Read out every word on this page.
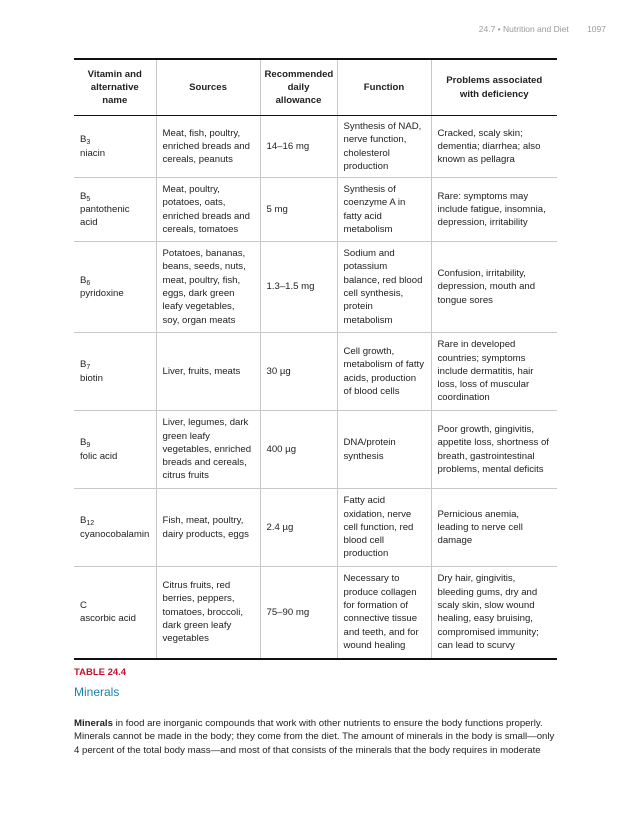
24.7 • Nutrition and Diet 1097
Vitamin and alternative name	Sources	Recommended daily allowance	Function	Problems associated with deficiency

$B_3$
niacin	Meat, fish, poultry, enriched breads and cereals, peanuts	14–16 mg	Synthesis of NAD, nerve function, cholesterol production	Cracked, scaly skin; dementia; diarrhea; also known as pellagra

$B_5$
pantothenic acid	Meat, poultry, potatoes, oats, enriched breads and cereals, tomatoes	5 mg	Synthesis of coenzyme A in fatty acid metabolism	Rare: symptoms may include fatigue, insomnia, depression, irritability

$B_6$
pyridoxine	Potatoes, bananas, beans, seeds, nuts, meat, poultry, fish, eggs, dark green leafy vegetables, soy, organ meats	1.3–1.5 mg	Sodium and potassium balance, red blood cell synthesis, protein metabolism	Confusion, irritability, depression, mouth and tongue sores

$B_7$
biotin	Liver, fruits, meats	30 µg	Cell growth, metabolism of fatty acids, production of blood cells	Rare in developed countries; symptoms include dermatitis, hair loss, loss of muscular coordination

$B_9$
folic acid	Liver, legumes, dark green leafy vegetables, enriched breads and cereals, citrus fruits	400 µg	DNA/protein synthesis	Poor growth, gingivitis, appetite loss, shortness of breath, gastrointestinal problems, mental deficits

$B_{12}$
cyanocobalamin	Fish, meat, poultry, dairy products, eggs	2.4 µg	Fatty acid oxidation, nerve cell function, red blood cell production	Pernicious anemia, leading to nerve cell damage

C
ascorbic acid	Citrus fruits, red berries, peppers, tomatoes, broccoli, dark green leafy vegetables	75–90 mg	Necessary to produce collagen for formation of connective tissue and teeth, and for wound healing	Dry hair, gingivitis, bleeding gums, dry and scaly skin, slow wound healing, easy bruising, compromised immunity; can lead to scurvy
TABLE 24.4
Minerals

Minerals in food are inorganic compounds that work with other nutrients to ensure the body functions properly. Minerals cannot be made in the body; they come from the diet. The amount of minerals in the body is small—only 4 percent of the total body mass—and most of that consists of the minerals that the body requires in moderate
